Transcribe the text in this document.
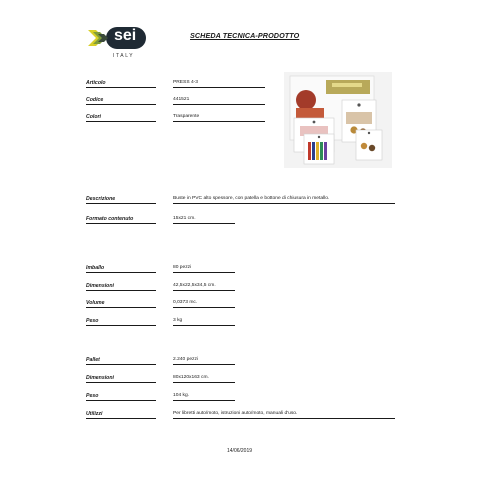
sei
ITALY
SCHEDA TECNICA-PRODOTTO
Articolo	PRESS 4-3
Codice	441521
Colori	Trasparente
Descrizione	Buste in PVC alto spessore, con patella e bottone di chiusura in metallo.
Formato contenuto	15x21 cm.
Imballo	80 pezzi
Dimensioni	42,5x22,5x34,5 cm.
Volume	0,0373 mc.
Peso	3 kg
Pallet	2.240 pezzi
Dimensioni	80x120x163 cm.
Peso	104 kg.
Utilizzi	Per libretti auto/moto, istruzioni auto/moto, manuali d'uso.
14/06/2019
